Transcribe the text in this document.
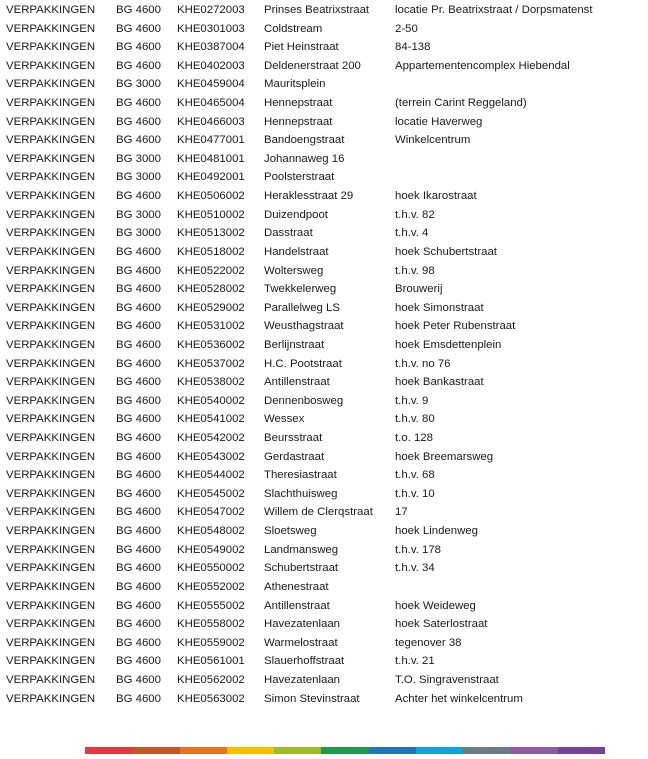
VERPAKKINGEN	BG 4600	KHE0272003	Prinses Beatrixstraat	locatie Pr. Beatrixstraat / Dorpsmatenst
VERPAKKINGEN	BG 4600	KHE0301003	Coldstream	2-50
VERPAKKINGEN	BG 4600	KHE0387004	Piet Heinstraat	84-138
VERPAKKINGEN	BG 4600	KHE0402003	Deldenerstraat 200	Appartementencomplex Hiebendal
VERPAKKINGEN	BG 3000	KHE0459004	Mauritsplein
VERPAKKINGEN	BG 4600	KHE0465004	Hennepstraat	(terrein Carint Reggeland)
VERPAKKINGEN	BG 4600	KHE0466003	Hennepstraat	locatie Haverweg
VERPAKKINGEN	BG 4600	KHE0477001	Bandoengstraat	Winkelcentrum
VERPAKKINGEN	BG 3000	KHE0481001	Johannaweg 16
VERPAKKINGEN	BG 3000	KHE0492001	Poolsterstraat
VERPAKKINGEN	BG 4600	KHE0506002	Heraklesstraat 29	hoek Ikarostraat
VERPAKKINGEN	BG 3000	KHE0510002	Duizendpoot	t.h.v. 82
VERPAKKINGEN	BG 3000	KHE0513002	Dasstraat	t.h.v. 4
VERPAKKINGEN	BG 4600	KHE0518002	Handelstraat	hoek Schubertstraat
VERPAKKINGEN	BG 4600	KHE0522002	Woltersweg	t.h.v. 98
VERPAKKINGEN	BG 4600	KHE0528002	Twekkelerweg	Brouwerij
VERPAKKINGEN	BG 4600	KHE0529002	Parallelweg LS	hoek Simonstraat
VERPAKKINGEN	BG 4600	KHE0531002	Weusthagstraat	hoek Peter Rubenstraat
VERPAKKINGEN	BG 4600	KHE0536002	Berlijnstraat	hoek Emsdettenplein
VERPAKKINGEN	BG 4600	KHE0537002	H.C. Pootstraat	t.h.v. no 76
VERPAKKINGEN	BG 4600	KHE0538002	Antillenstraat	hoek Bankastraat
VERPAKKINGEN	BG 4600	KHE0540002	Dennenbosweg	t.h.v. 9
VERPAKKINGEN	BG 4600	KHE0541002	Wessex	t.h.v. 80
VERPAKKINGEN	BG 4600	KHE0542002	Beursstraat	t.o. 128
VERPAKKINGEN	BG 4600	KHE0543002	Gerdastraat	hoek Breemarsweg
VERPAKKINGEN	BG 4600	KHE0544002	Theresiastraat	t.h.v. 68
VERPAKKINGEN	BG 4600	KHE0545002	Slachthuisweg	t.h.v. 10
VERPAKKINGEN	BG 4600	KHE0547002	Willem de Clerqstraat	17
VERPAKKINGEN	BG 4600	KHE0548002	Sloetsweg	hoek Lindenweg
VERPAKKINGEN	BG 4600	KHE0549002	Landmansweg	t.h.v. 178
VERPAKKINGEN	BG 4600	KHE0550002	Schubertstraat	t.h.v. 34
VERPAKKINGEN	BG 4600	KHE0552002	Athenestraat
VERPAKKINGEN	BG 4600	KHE0555002	Antillenstraat	hoek Weideweg
VERPAKKINGEN	BG 4600	KHE0558002	Havezatenlaan	hoek Saterlostraat
VERPAKKINGEN	BG 4600	KHE0559002	Warmelostraat	tegenover 38
VERPAKKINGEN	BG 4600	KHE0561001	Slauerhoffstraat	t.h.v. 21
VERPAKKINGEN	BG 4600	KHE0562002	Havezatenlaan	T.O. Singravenstraat
VERPAKKINGEN	BG 4600	KHE0563002	Simon Stevinstraat	Achter het winkelcentrum
